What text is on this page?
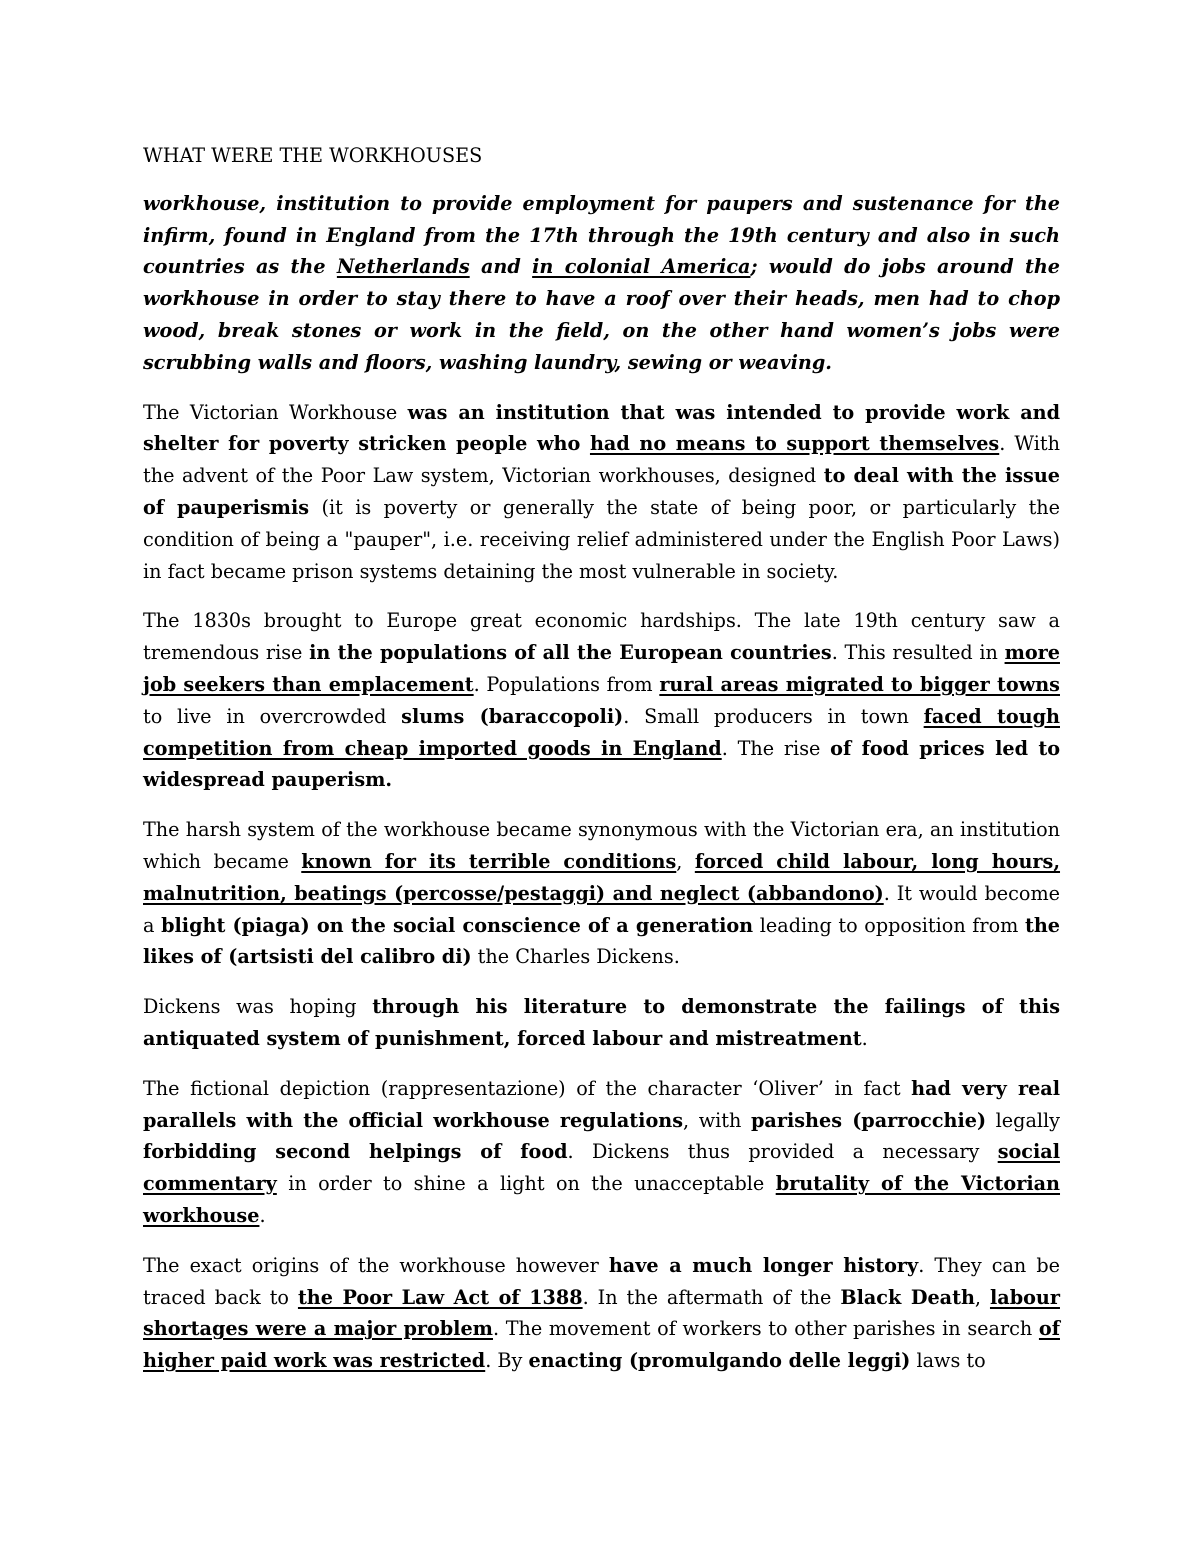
WHAT WERE THE WORKHOUSES

workhouse, institution to provide employment for paupers and sustenance for the infirm, found in England from the 17th through the 19th century and also in such countries as the Netherlands and in colonial America; would do jobs around the workhouse in order to stay there to have a roof over their heads, men had to chop wood, break stones or work in the field, on the other hand women’s jobs were scrubbing walls and floors, washing laundry, sewing or weaving.

The Victorian Workhouse was an institution that was intended to provide work and shelter for poverty stricken people who had no means to support themselves. With the advent of the Poor Law system, Victorian workhouses, designed to deal with the issue of pauperismis (it is poverty or generally the state of being poor, or particularly the condition of being a "pauper", i.e. receiving relief administered under the English Poor Laws) in fact became prison systems detaining the most vulnerable in society.

The 1830s brought to Europe great economic hardships. The late 19th century saw a tremendous rise in the populations of all the European countries. This resulted in more job seekers than emplacement. Populations from rural areas migrated to bigger towns to live in overcrowded slums (baraccopoli). Small producers in town faced tough competition from cheap imported goods in England. The rise of food prices led to widespread pauperism.

The harsh system of the workhouse became synonymous with the Victorian era, an institution which became known for its terrible conditions, forced child labour, long hours, malnutrition, beatings (percosse/pestaggi) and neglect (abbandono). It would become a blight (piaga) on the social conscience of a generation leading to opposition from the likes of (artsisti del calibro di) the Charles Dickens.

Dickens was hoping through his literature to demonstrate the failings of this antiquated system of punishment, forced labour and mistreatment.

The fictional depiction (rappresentazione) of the character ‘Oliver’ in fact had very real parallels with the official workhouse regulations, with parishes (parrocchie) legally forbidding second helpings of food. Dickens thus provided a necessary social commentary in order to shine a light on the unacceptable brutality of the Victorian workhouse.

The exact origins of the workhouse however have a much longer history. They can be traced back to the Poor Law Act of 1388. In the aftermath of the Black Death, labour shortages were a major problem. The movement of workers to other parishes in search of higher paid work was restricted. By enacting (promulgando delle leggi) laws to
